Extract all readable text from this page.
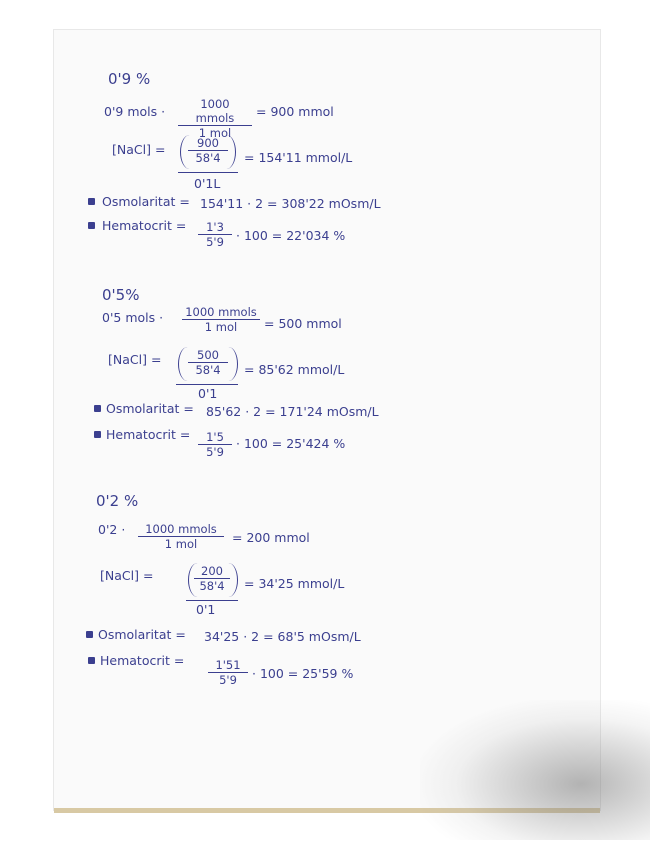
0'9 %
0'9 mols ·	1000 mmols
1 mol
= 900 mmol
[NaCl] = $\frac{900}{58'4}$
0'1L
= 154'11 mmol/L
Osmolaritat = 154'11 · 2 = 308'22 mOsm/L
Hematocrit = $\frac{1'3}{5'9} \cdot 100 = 22'034$ %
0'5%
0'5 mols · 1000 mmols
1 mol	= 500 mmol
[NaCl] = $\frac{500}{58'4}$
0'1
= 85'62 mmol/L
Osmolaritat = 85'62 · 2 = 171'24 mOsm/L
Hematocrit = $\frac{1'5}{5'9} \cdot 100 = 25'424$ %
0'2 %
0'2 ·	1000 mmols
1 mol	= 200 mmol
[NaCl] =	$\frac{200}{58'4}$
0'1
= 34'25 mmol/L
Osmolaritat = 34'25 · 2 = 68'5 mOsm/L
Hematocrit = $\frac{1'51}{5'9} \cdot 100 = 25'59$ %
